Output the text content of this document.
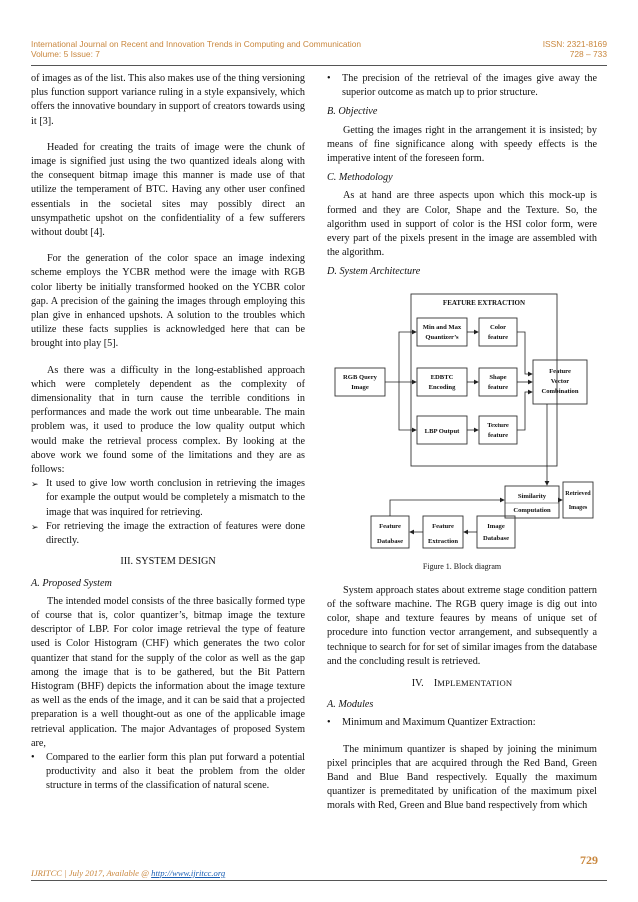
International Journal on Recent and Innovation Trends in Computing and Communication	ISSN: 2321-8169
Volume: 5 Issue: 7	728 – 733

of images as of the list. This also makes use of the thing versioning plus function support variance ruling in a style expansively, which offers the innovative boundary in support of creators towards using it [3].

Headed for creating the traits of image were the chunk of image is signified just using the two quantized ideals along with the consequent bitmap image this manner is made use of that utilize the temperament of BTC. Having any other user confined essentials in the societal sites may possibly direct an unsympathetic upshot on the confidentiality of a few sufferers without doubt [4].

For the generation of the color space an image indexing scheme employs the YCBR method were the image with RGB color liberty be initially transformed hooked on the YCBR color gap. A precision of the gaining the images through employing this plan give in enhanced upshots. A solution to the troubles which utilize these facts supplies is acknowledged here that can be brought into play [5].

As there was a difficulty in the long-established approach which were completely dependent as the complexity of dimensionality that in turn cause the terrible conditions in performances and made the work out time unbearable. The main problem was, it used to produce the low quality output which would make the retrieval process complex. By looking at the above work we found some of the limitations and they are as follows:

➢ It used to give low worth conclusion in retrieving the images for example the output would be completely a mismatch to the image that was inquired for retrieving.
➢ For retrieving the image the extraction of features were done directly.
III. SYSTEM DESIGN
A. Proposed System

The intended model consists of the three basically formed type of course that is, color quantizer’s, bitmap image the texture descriptor of LBP. For color image retrieval the type of feature used is Color Histogram (CHF) which generates the two color quantizer that stand for the supply of the color as well as the gap among the image that is to be gathered, but the Bit Pattern Histogram (BHF) depicts the information about the image texture as well as the ends of the image, and it can be said that a projected preparation is a well thought-out as one of the applicable image retrieval application. The major Advantages of proposed System are,

• Compared to the earlier form this plan put forward a potential productivity and also it beat the problem from the older structure in terms of the classification of natural scene.
• The precision of the retrieval of the images give away the superior outcome as match up to prior structure.
B. Objective

Getting the images right in the arrangement it is insisted; by means of fine significance along with speedy effects is the imperative intent of the foreseen form.

C. Methodology

As at hand are three aspects upon which this mock-up is formed and they are Color, Shape and the Texture. So, the algorithm used in support of color is the HSI color form, were every part of the pixels present in the image are assembled with the algorithm.

D. System Architecture
FEATURE EXTRACTION
Min and Max
Quantizer’s
Color
feature
EDBTC
Encoding
Shape
feature
LBP Output
Texture
feature
RGB Query
Image
Feature
Vector
Combination
Similarity
Computation
Retrieved
Images
Feature
Database
Feature
Extraction
Image
Database
Figure 1. Block diagram

System approach states about extreme stage condition pattern of the software machine. The RGB query image is dig out into color, shape and texture feaures by means of unique set of procedure into function vector arrangement, and subsequently a technique to search for for set of similar images from the database and the concluding result is retrieved.

IV. IMPLEMENTATION
A. Modules
• Minimum and Maximum Quantizer Extraction:

The minimum quantizer is shaped by joining the minimum pixel principles that are acquired through the Red Band, Green Band and Blue Band respectively. Equally the maximum quantizer is premeditated by unification of the maximum pixel morals with Red, Green and Blue band respectively from which

729
IJRITCC | July 2017, Available @ http://www.ijritcc.org
